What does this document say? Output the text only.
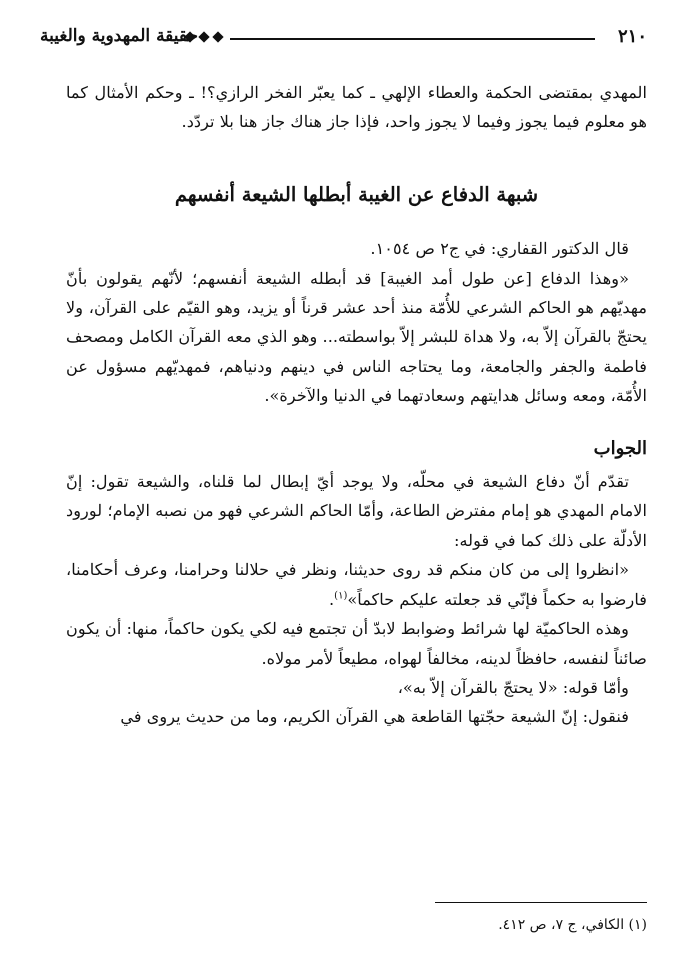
٢١٠
حقيقة المهدوية والغيبة

المهدي بمقتضى الحكمة والعطاء الإلهي ـ كما يعبّر الفخر الرازي؟! ـ وحكم الأمثال كما هو معلوم فيما يجوز وفيما لا يجوز واحد، فإذا جاز هناك جاز هنا بلا تردّد.

شبهة الدفاع عن الغيبة أبطلها الشيعة أنفسهم

قال الدكتور القفاري: في ج٢ ص ١٠٥٤.

«وهذا الدفاع [عن طول أمد الغيبة] قد أبطله الشيعة أنفسهم؛ لأنّهم يقولون بأنّ مهديّهم هو الحاكم الشرعي للأُمّة منذ أحد عشر قرناً أو يزيد، وهو القيّم على القرآن، ولا يحتجّ بالقرآن إلاّ به، ولا هداة للبشر إلاّ بواسطته... وهو الذي معه القرآن الكامل ومصحف فاطمة والجفر والجامعة، وما يحتاجه الناس في دينهم ودنياهم، فمهديّهم مسؤول عن الأُمّة، ومعه وسائل هدايتهم وسعادتهما في الدنيا والآخرة».

الجواب

تقدّم أنّ دفاع الشيعة في محلّه، ولا يوجد أيّ إبطال لما قلناه، والشيعة تقول: إنّ الامام المهدي هو إمام مفترض الطاعة، وأمّا الحاكم الشرعي فهو من نصبه الإمام؛ لورود الأدلّة على ذلك كما في قوله:

«انظروا إلى من كان منكم قد روى حديثنا، ونظر في حلالنا وحرامنا، وعرف أحكامنا، فارضوا به حكماً فإنّي قد جعلته عليكم حاكماً»$^{(١)}$.

وهذه الحاكميّة لها شرائط وضوابط لابدّ أن تجتمع فيه لكي يكون حاكماً، منها: أن يكون صائناً لنفسه، حافظاً لدينه، مخالفاً لهواه، مطيعاً لأمر مولاه.

وأمّا قوله: «لا يحتجّ بالقرآن إلاّ به»،

فنقول: إنّ الشيعة حجّتها القاطعة هي القرآن الكريم، وما من حديث يروى في

(١) الكافي، ج ٧، ص ٤١٢.
